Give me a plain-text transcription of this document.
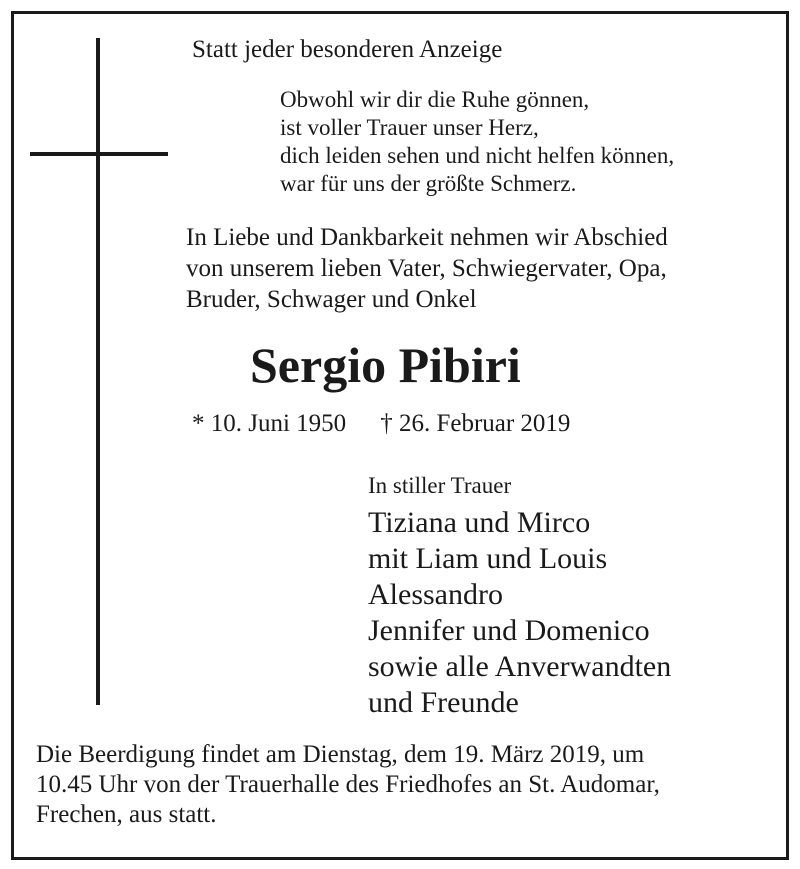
Statt jeder besonderen Anzeige
Obwohl wir dir die Ruhe gönnen,
ist voller Trauer unser Herz,
dich leiden sehen und nicht helfen können,
war für uns der größte Schmerz.
In Liebe und Dankbarkeit nehmen wir Abschied
von unserem lieben Vater, Schwiegervater, Opa,
Bruder, Schwager und Onkel
Sergio Pibiri
* 10. Juni 1950 † 26. Februar 2019
In stiller Trauer
Tiziana und Mirco
mit Liam und Louis
Alessandro
Jennifer und Domenico
sowie alle Anverwandten
und Freunde
Die Beerdigung findet am Dienstag, dem 19. März 2019, um
10.45 Uhr von der Trauerhalle des Friedhofes an St. Audomar,
Frechen, aus statt.
